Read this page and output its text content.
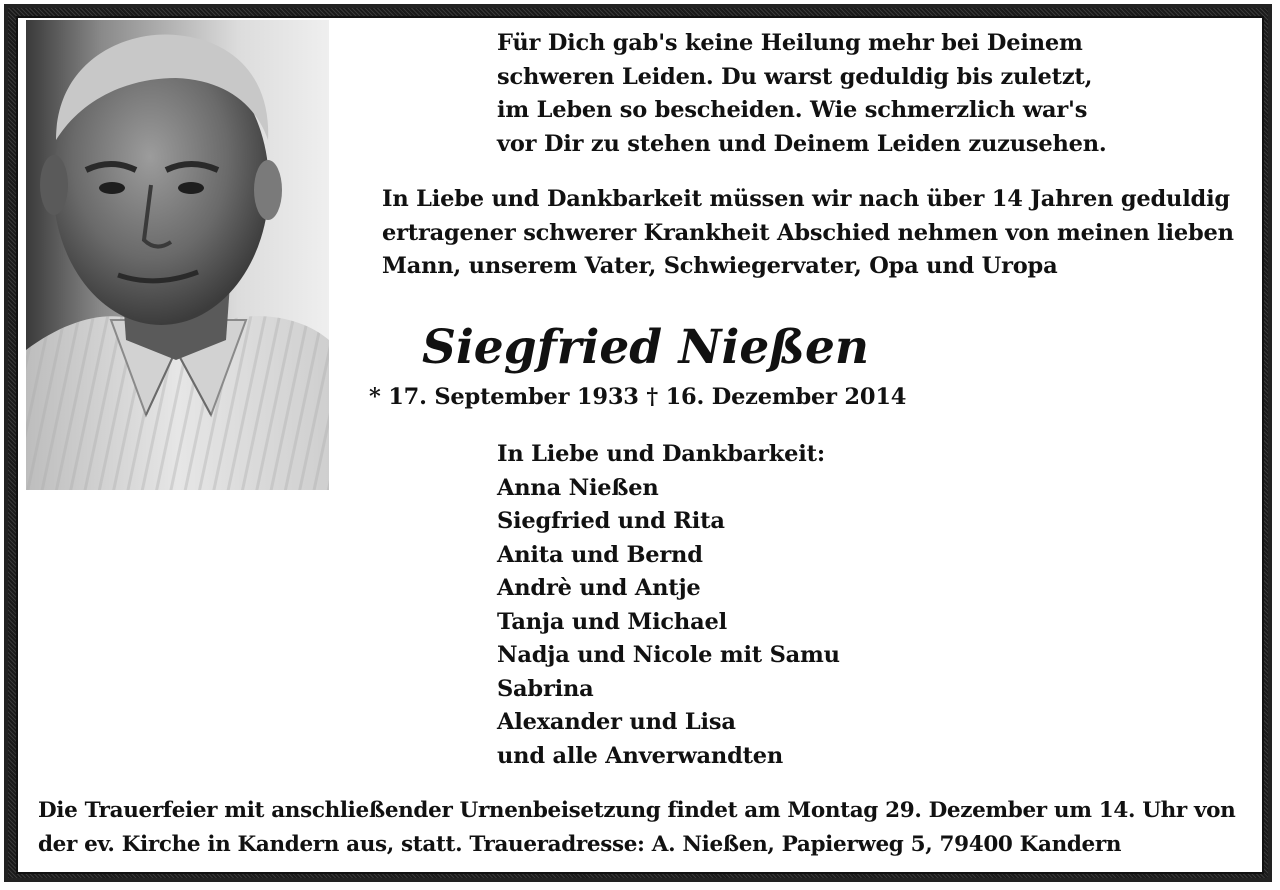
Für Dich gab's keine Heilung mehr bei Deinem
schweren Leiden. Du warst geduldig bis zuletzt,
im Leben so bescheiden. Wie schmerzlich war's
vor Dir zu stehen und Deinem Leiden zuzusehen.
In Liebe und Dankbarkeit müssen wir nach über 14 Jahren geduldig
ertragener schwerer Krankheit Abschied nehmen von meinen lieben
Mann, unserem Vater, Schwiegervater, Opa und Uropa
Siegfried Nießen
* 17. September 1933 † 16. Dezember 2014
In Liebe und Dankbarkeit:
Anna Nießen
Siegfried und Rita
Anita und Bernd
Andrè und Antje
Tanja und Michael
Nadja und Nicole mit Samu
Sabrina
Alexander und Lisa
und alle Anverwandten
Die Trauerfeier mit anschließender Urnenbeisetzung findet am Montag 29. Dezember um 14. Uhr von
der ev. Kirche in Kandern aus, statt. Traueradresse: A. Nießen, Papierweg 5, 79400 Kandern
